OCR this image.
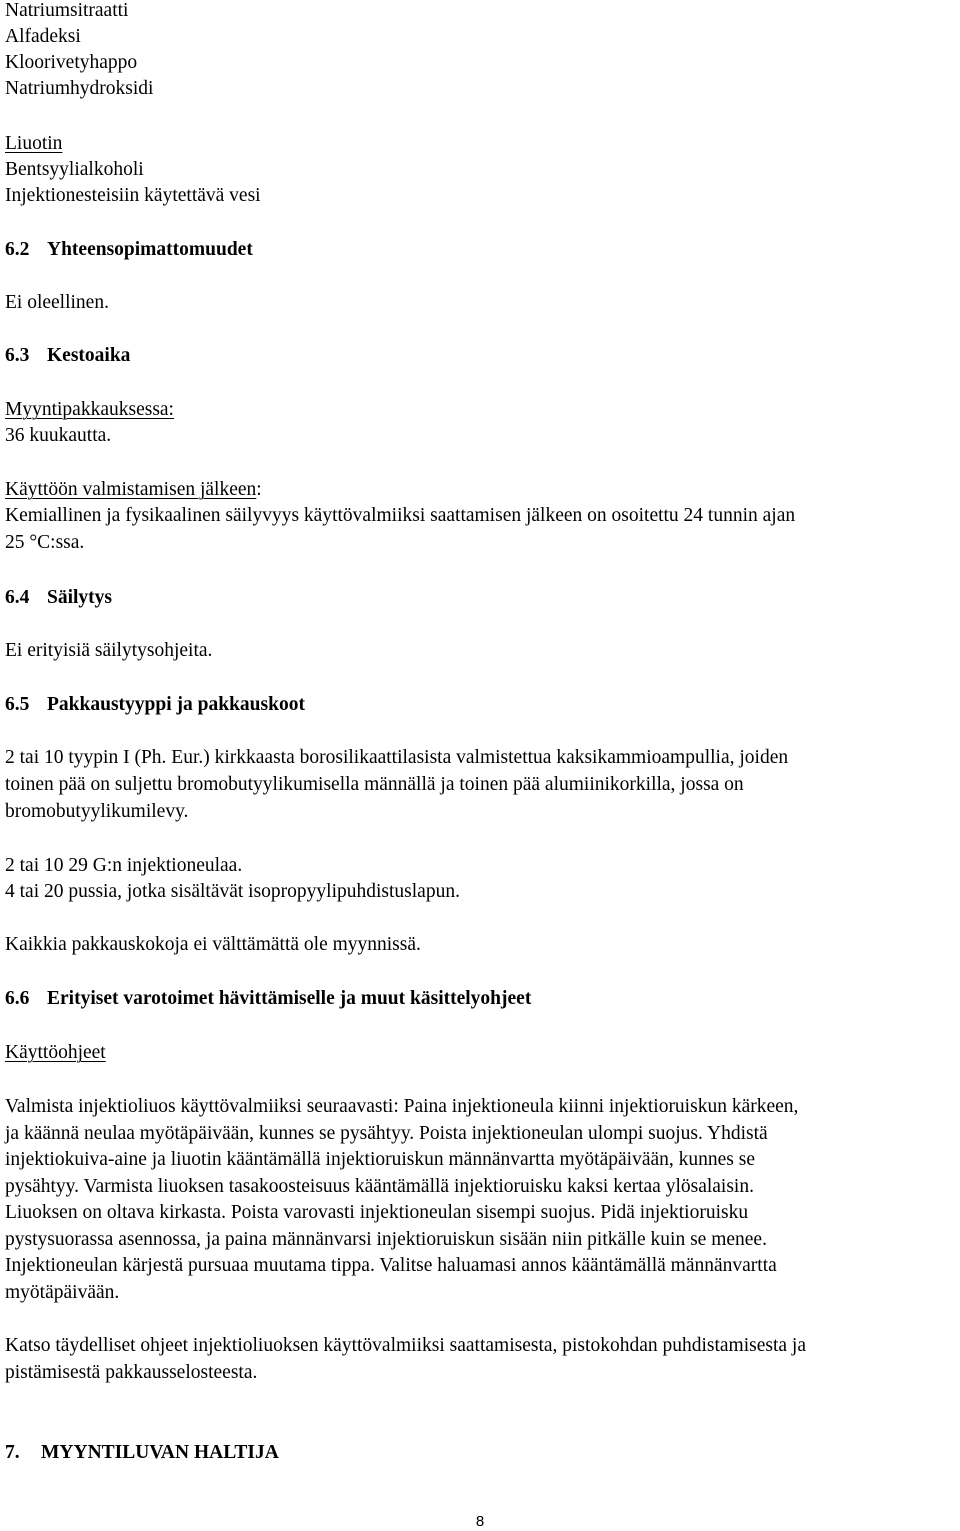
Natriumsitraatti
Alfadeksi
Kloorivetyhappo
Natriumhydroksidi
Liuotin
Bentsyylialkoholi
Injektionesteisiin käytettävä vesi
6.2 Yhteensopimattomuudet
Ei oleellinen.
6.3 Kestoaika
Myyntipakkauksessa:
36 kuukautta.
Käyttöön valmistamisen jälkeen:
Kemiallinen ja fysikaalinen säilyvyys käyttövalmiiksi saattamisen jälkeen on osoitettu 24 tunnin ajan
25 °C:ssa.
6.4 Säilytys
Ei erityisiä säilytysohjeita.
6.5 Pakkaustyyppi ja pakkauskoot
2 tai 10 tyypin I (Ph. Eur.) kirkkaasta borosilikaattilasista valmistettua kaksikammioampullia, joiden
toinen pää on suljettu bromobutyylikumisella männällä ja toinen pää alumiinikorkilla, jossa on
bromobutyylikumilevy.
2 tai 10 29 G:n injektioneulaa.
4 tai 20 pussia, jotka sisältävät isopropyylipuhdistuslapun.
Kaikkia pakkauskokoja ei välttämättä ole myynnissä.
6.6 Erityiset varotoimet hävittämiselle ja muut käsittelyohjeet
Käyttöohjeet
Valmista injektioliuos käyttövalmiiksi seuraavasti: Paina injektioneula kiinni injektioruiskun kärkeen,
ja käännä neulaa myötäpäivään, kunnes se pysähtyy. Poista injektioneulan ulompi suojus. Yhdistä
injektiokuiva-aine ja liuotin kääntämällä injektioruiskun männänvartta myötäpäivään, kunnes se
pysähtyy. Varmista liuoksen tasakoosteisuus kääntämällä injektioruisku kaksi kertaa ylösalaisin.
Liuoksen on oltava kirkasta. Poista varovasti injektioneulan sisempi suojus. Pidä injektioruisku
pystysuorassa asennossa, ja paina männänvarsi injektioruiskun sisään niin pitkälle kuin se menee.
Injektioneulan kärjestä pursuaa muutama tippa. Valitse haluamasi annos kääntämällä männänvartta
myötäpäivään.
Katso täydelliset ohjeet injektioliuoksen käyttövalmiiksi saattamisesta, pistokohdan puhdistamisesta ja
pistämisestä pakkausselosteesta.
7. MYYNTILUVAN HALTIJA
8
